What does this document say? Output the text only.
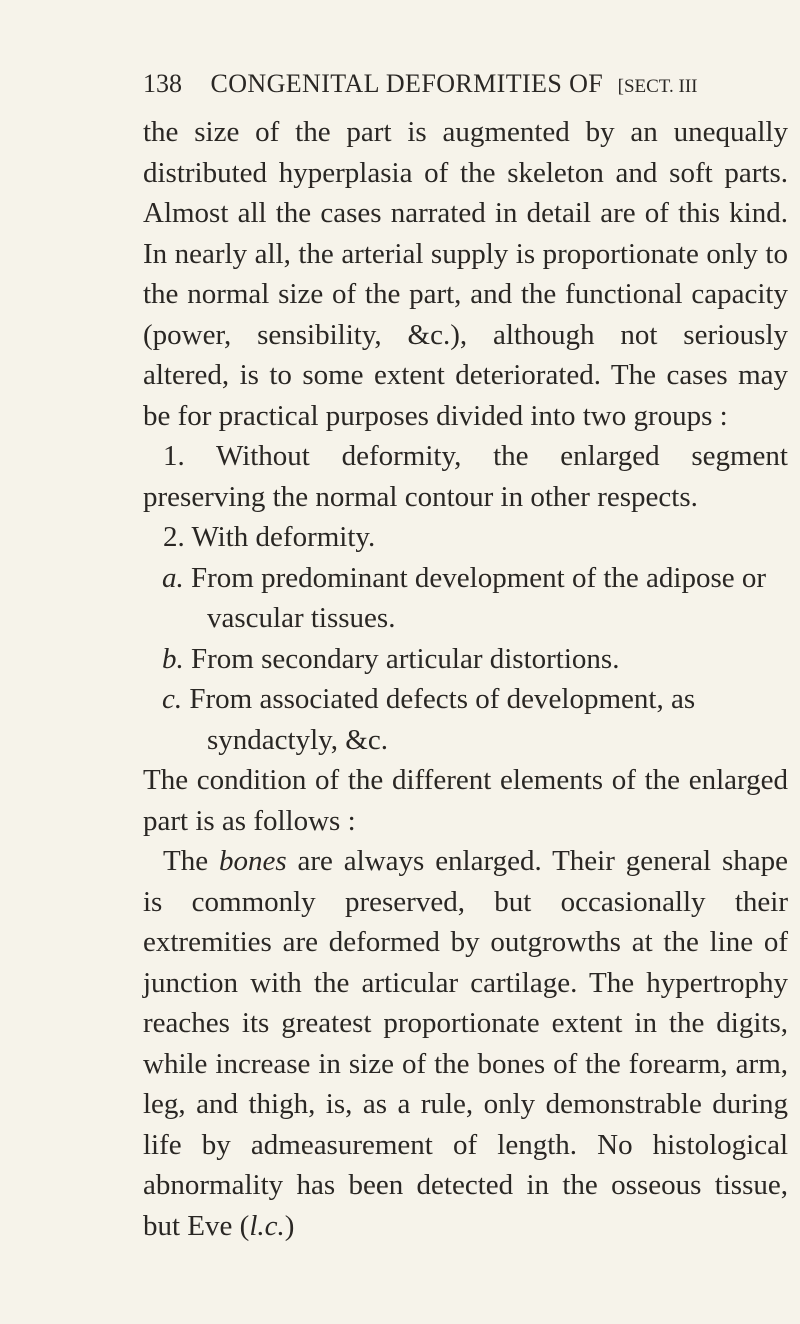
138 CONGENITAL DEFORMITIES OF [SECT. III

the size of the part is augmented by an unequally distributed hyperplasia of the skeleton and soft parts. Almost all the cases narrated in detail are of this kind. In nearly all, the arterial supply is proportionate only to the normal size of the part, and the functional capacity (power, sensibility, &c.), although not seriously altered, is to some extent deteriorated. The cases may be for practical purposes divided into two groups :

1. Without deformity, the enlarged segment preserving the normal contour in other respects.

2. With deformity.

a. From predominant development of the adipose or vascular tissues.

b. From secondary articular distortions.

c. From associated defects of development, as syndactyly, &c.

The condition of the different elements of the enlarged part is as follows :

The bones are always enlarged. Their general shape is commonly preserved, but occasionally their extremities are deformed by outgrowths at the line of junction with the articular cartilage. The hypertrophy reaches its greatest proportionate extent in the digits, while increase in size of the bones of the forearm, arm, leg, and thigh, is, as a rule, only demonstrable during life by admeasurement of length. No histological abnormality has been detected in the osseous tissue, but Eve (l.c.)
